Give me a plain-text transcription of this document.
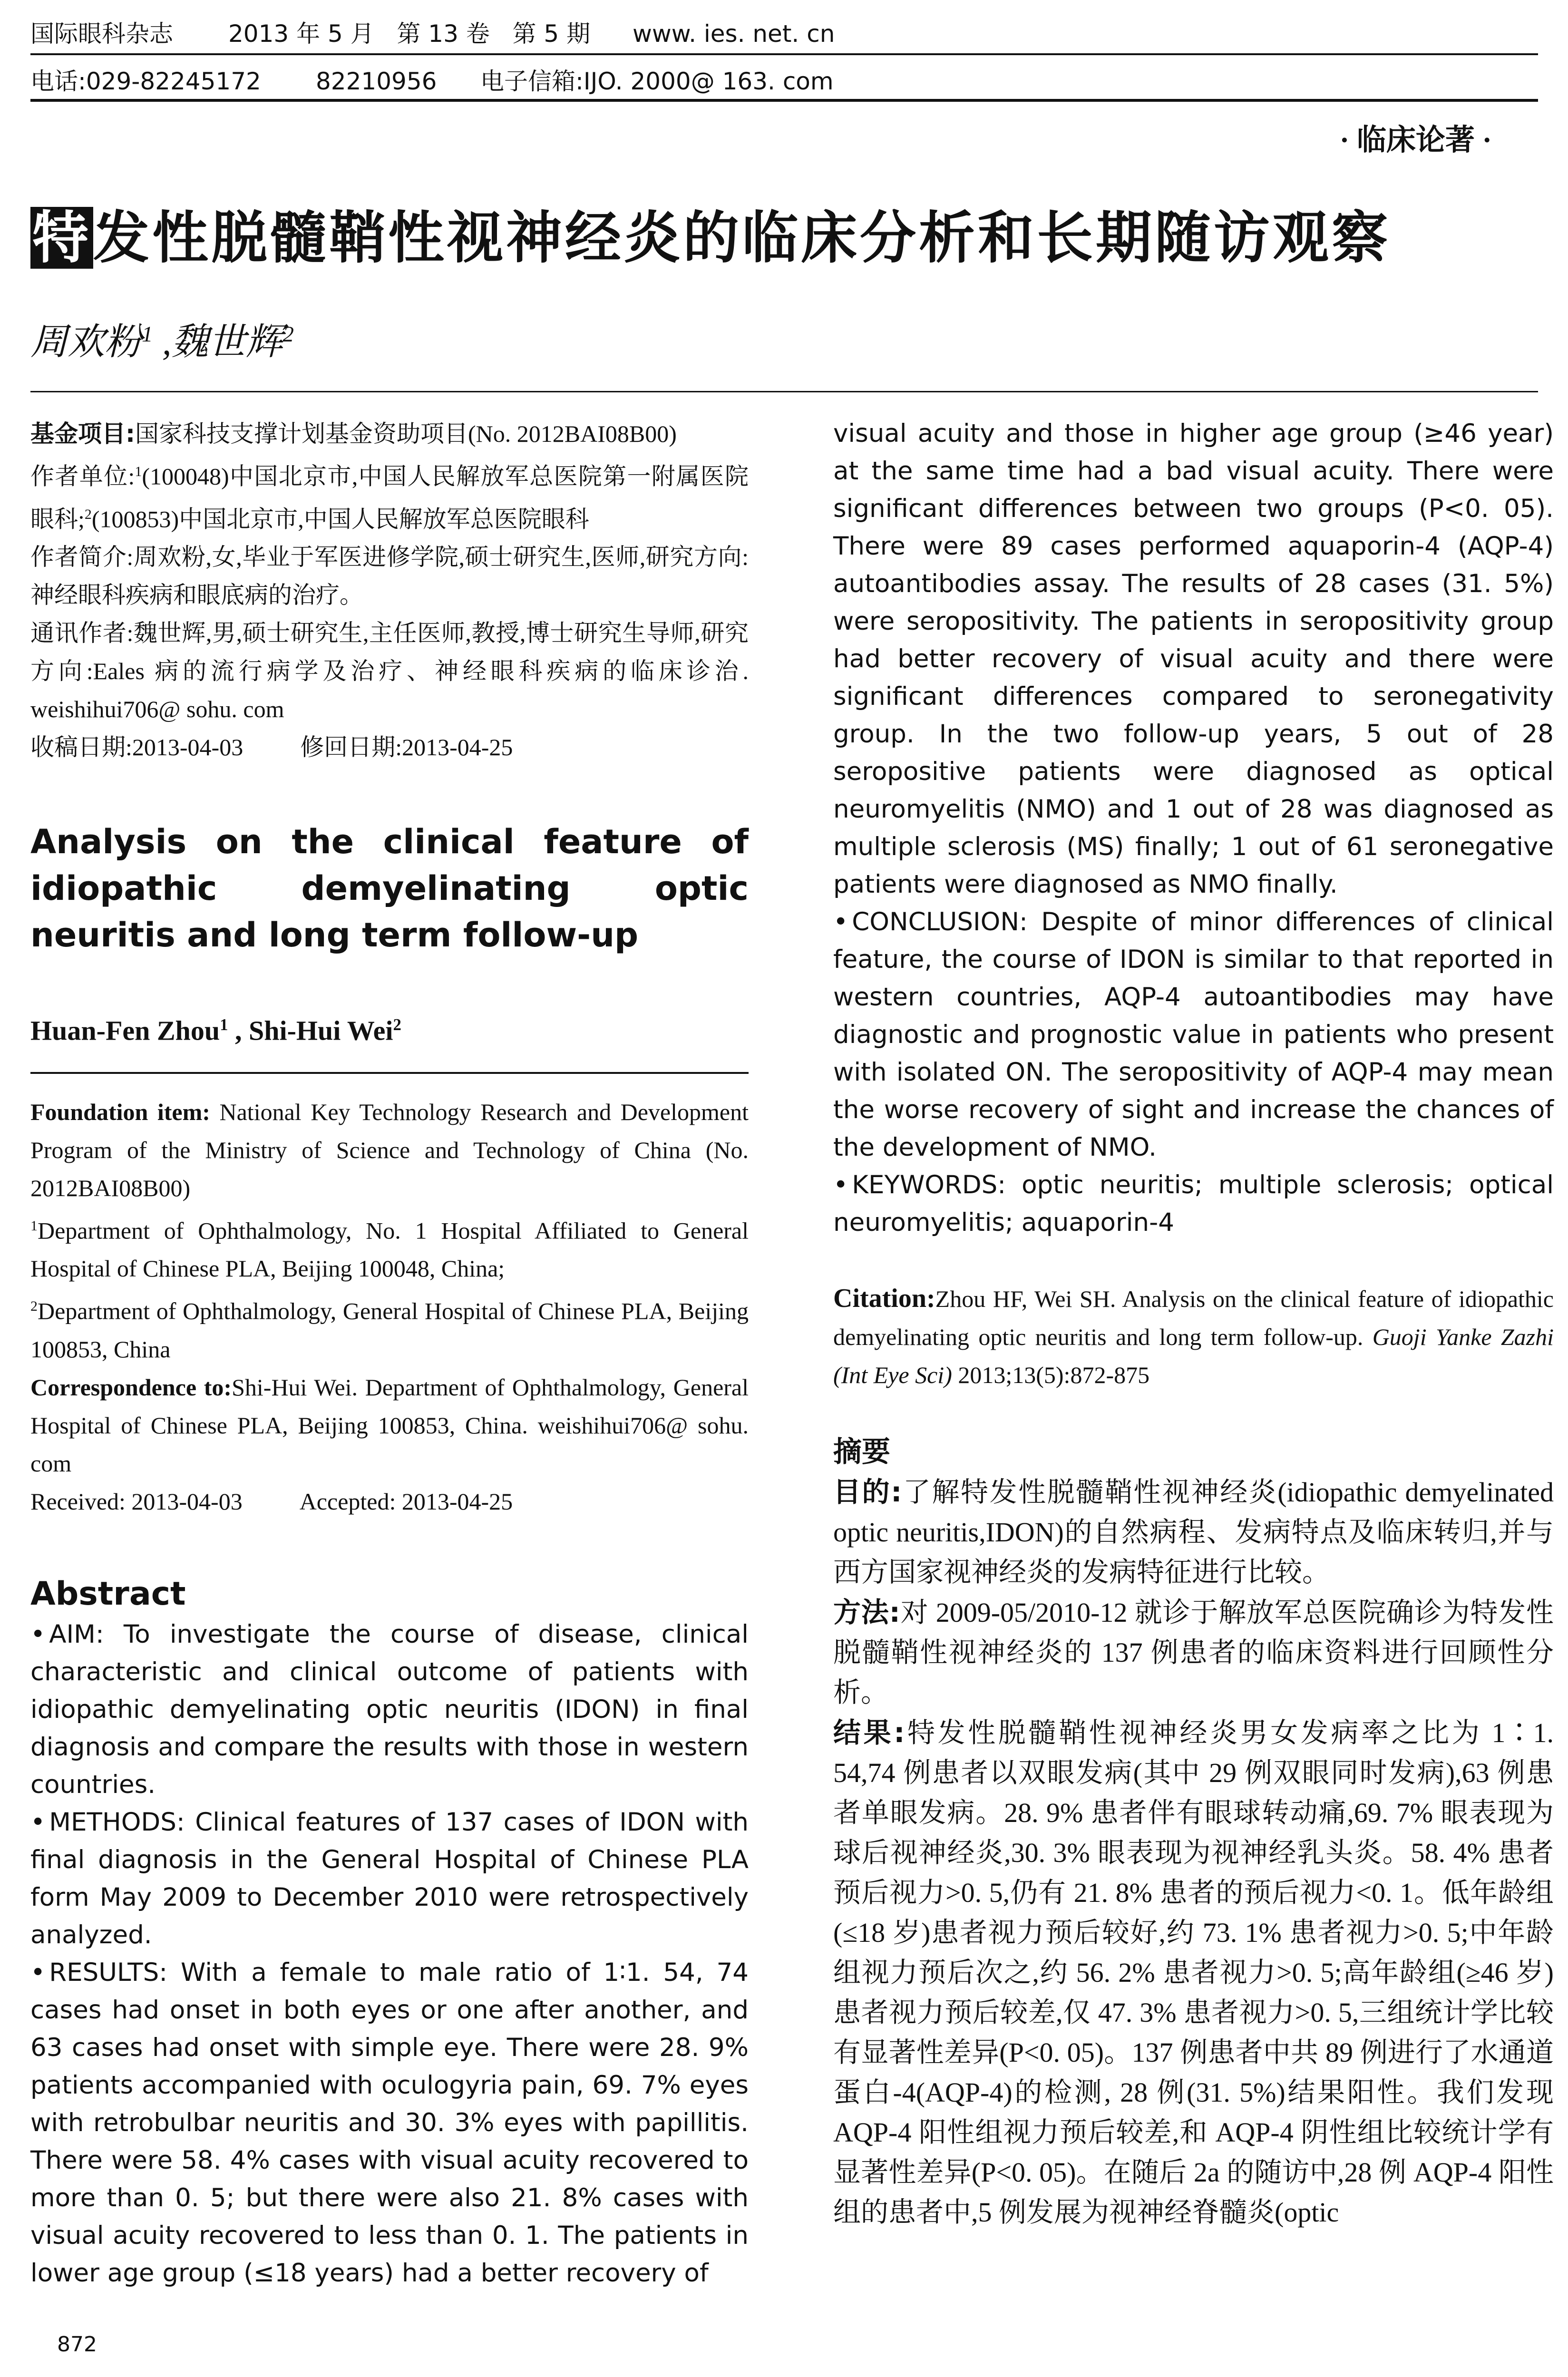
国际眼科杂志 2013 年 5 月   第 13 卷   第 5 期 www. ies. net. cn
电话:029-82245172 82210956 电子信箱:IJO. 2000@ 163. com
· 临床论著 ·
特发性脱髓鞘性视神经炎的临床分析和长期随访观察
周欢粉$^1$ ,魏世辉$^2$

基金项目:国家科技支撑计划基金资助项目(No. 2012BAI08B00)

作者单位:$^1$(100048)中国北京市,中国人民解放军总医院第一附属医院眼科;$^2$(100853)中国北京市,中国人民解放军总医院眼科

作者简介:周欢粉,女,毕业于军医进修学院,硕士研究生,医师,研究方向:神经眼科疾病和眼底病的治疗。

通讯作者:魏世辉,男,硕士研究生,主任医师,教授,博士研究生导师,研究方向:Eales 病的流行病学及治疗、神经眼科疾病的临床诊治. weishihui706@ sohu. com

收稿日期:2013-04-03 修回日期:2013-04-25

Analysis on the clinical feature of idiopathic demyelinating optic neuritis and long term follow-up
Huan-Fen Zhou$^1$ , Shi-Hui Wei$^2$

Foundation item: National Key Technology Research and Development Program of the Ministry of Science and Technology of China (No. 2012BAI08B00)

$^1$Department of Ophthalmology, No. 1 Hospital Affiliated to General Hospital of Chinese PLA, Beijing 100048, China;

$^2$Department of Ophthalmology, General Hospital of Chinese PLA, Beijing 100853, China

Correspondence to:Shi-Hui Wei. Department of Ophthalmology, General Hospital of Chinese PLA, Beijing 100853, China. weishihui706@ sohu. com

Received: 2013-04-03 Accepted: 2013-04-25

Abstract

• AIM: To investigate the course of disease, clinical characteristic and clinical outcome of patients with idiopathic demyelinating optic neuritis (IDON) in final diagnosis and compare the results with those in western countries.

• METHODS: Clinical features of 137 cases of IDON with final diagnosis in the General Hospital of Chinese PLA form May 2009 to December 2010 were retrospectively analyzed.

• RESULTS: With a female to male ratio of 1∶1. 54, 74 cases had onset in both eyes or one after another, and 63 cases had onset with simple eye. There were 28. 9% patients accompanied with oculogyria pain, 69. 7% eyes with retrobulbar neuritis and 30. 3% eyes with papillitis. There were 58. 4% cases with visual acuity recovered to more than 0. 5; but there were also 21. 8% cases with visual acuity recovered to less than 0. 1. The patients in lower age group (≤18 years) had a better recovery of

visual acuity and those in higher age group (≥46 year) at the same time had a bad visual acuity. There were significant differences between two groups (P<0. 05). There were 89 cases performed aquaporin-4 (AQP-4) autoantibodies assay. The results of 28 cases (31. 5%) were seropositivity. The patients in seropositivity group had better recovery of visual acuity and there were significant differences compared to seronegativity group. In the two follow-up years, 5 out of 28 seropositive patients were diagnosed as optical neuromyelitis (NMO) and 1 out of 28 was diagnosed as multiple sclerosis (MS) finally; 1 out of 61 seronegative patients were diagnosed as NMO finally.

• CONCLUSION: Despite of minor differences of clinical feature, the course of IDON is similar to that reported in western countries, AQP-4 autoantibodies may have diagnostic and prognostic value in patients who present with isolated ON. The seropositivity of AQP-4 may mean the worse recovery of sight and increase the chances of the development of NMO.

• KEYWORDS: optic neuritis; multiple sclerosis; optical neuromyelitis; aquaporin-4

Citation:Zhou HF, Wei SH. Analysis on the clinical feature of idiopathic demyelinating optic neuritis and long term follow-up. Guoji Yanke Zazhi (Int Eye Sci) 2013;13(5):872-875
摘要

目的:了解特发性脱髓鞘性视神经炎(idiopathic demyelinated optic neuritis,IDON)的自然病程、发病特点及临床转归,并与西方国家视神经炎的发病特征进行比较。

方法:对 2009-05/2010-12 就诊于解放军总医院确诊为特发性脱髓鞘性视神经炎的 137 例患者的临床资料进行回顾性分析。

结果:特发性脱髓鞘性视神经炎男女发病率之比为 1∶1. 54,74 例患者以双眼发病(其中 29 例双眼同时发病),63 例患者单眼发病。28. 9% 患者伴有眼球转动痛,69. 7% 眼表现为球后视神经炎,30. 3% 眼表现为视神经乳头炎。58. 4% 患者预后视力>0. 5,仍有 21. 8% 患者的预后视力<0. 1。低年龄组(≤18 岁)患者视力预后较好,约 73. 1% 患者视力>0. 5;中年龄组视力预后次之,约 56. 2% 患者视力>0. 5;高年龄组(≥46 岁)患者视力预后较差,仅 47. 3% 患者视力>0. 5,三组统计学比较有显著性差异(P<0. 05)。137 例患者中共 89 例进行了水通道蛋白-4(AQP-4)的检测, 28 例(31. 5%)结果阳性。我们发现 AQP-4 阳性组视力预后较差,和 AQP-4 阴性组比较统计学有显著性差异(P<0. 05)。在随后 2a 的随访中,28 例 AQP-4 阳性组的患者中,5 例发展为视神经脊髓炎(optic

872
